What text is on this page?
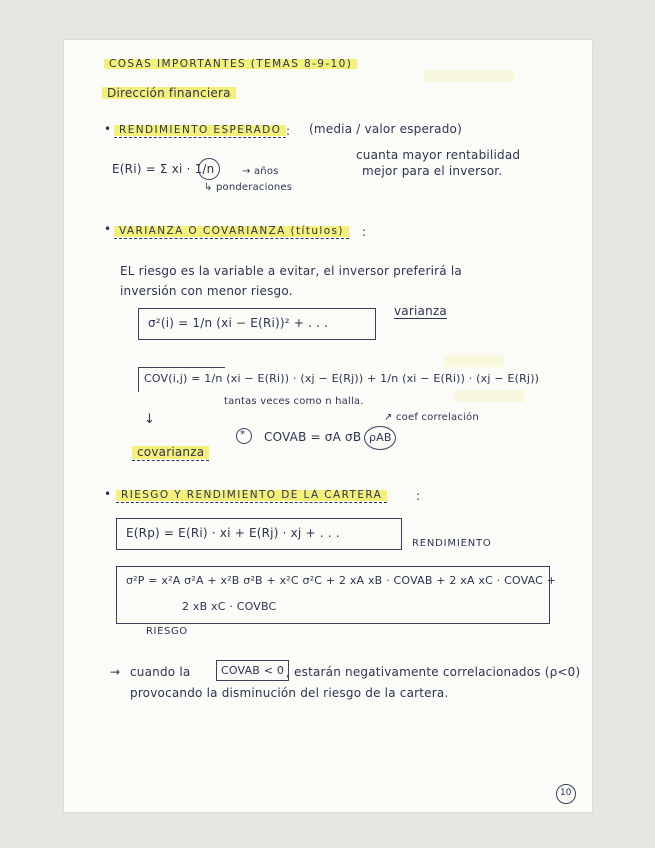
COSAS IMPORTANTES (TEMAS 8-9-10)
Dirección financiera
• RENDIMIENTO ESPERADO : (media / valor esperado)
E(Ri) = Σ xi · 1/n	→ años
↳ ponderaciones
cuanta mayor rentabilidad
mejor para el inversor.
• VARIANZA O COVARIANZA (títulos)	:
EL riesgo es la variable a evitar, el inversor preferirá la
inversión con menor riesgo.
σ²(i) = 1/n (xi − E(Ri))² + . . .
varianza
COV(i,j) = 1/n (xi − E(Ri)) · (xj − E(Rj)) + 1/n (xi − E(Ri)) · (xj − E(Rj))
tantas veces como n halla.
↓
covarianza
* COVAB = σA σB ρAB
↗ coef correlación
• RIESGO Y RENDIMIENTO DE LA CARTERA	:
E(Rp) = E(Ri) · xi + E(Rj) · xj + . . .
RENDIMIENTO
σ²P = x²A σ²A + x²B σ²B + x²C σ²C + 2 xA xB · COVAB + 2 xA xC · COVAC +
2 xB xC · COVBC
RIESGO
→ cuando la	COVAB < 0 , estarán negativamente correlacionados (ρ<0)
provocando la disminución del riesgo de la cartera.
10
